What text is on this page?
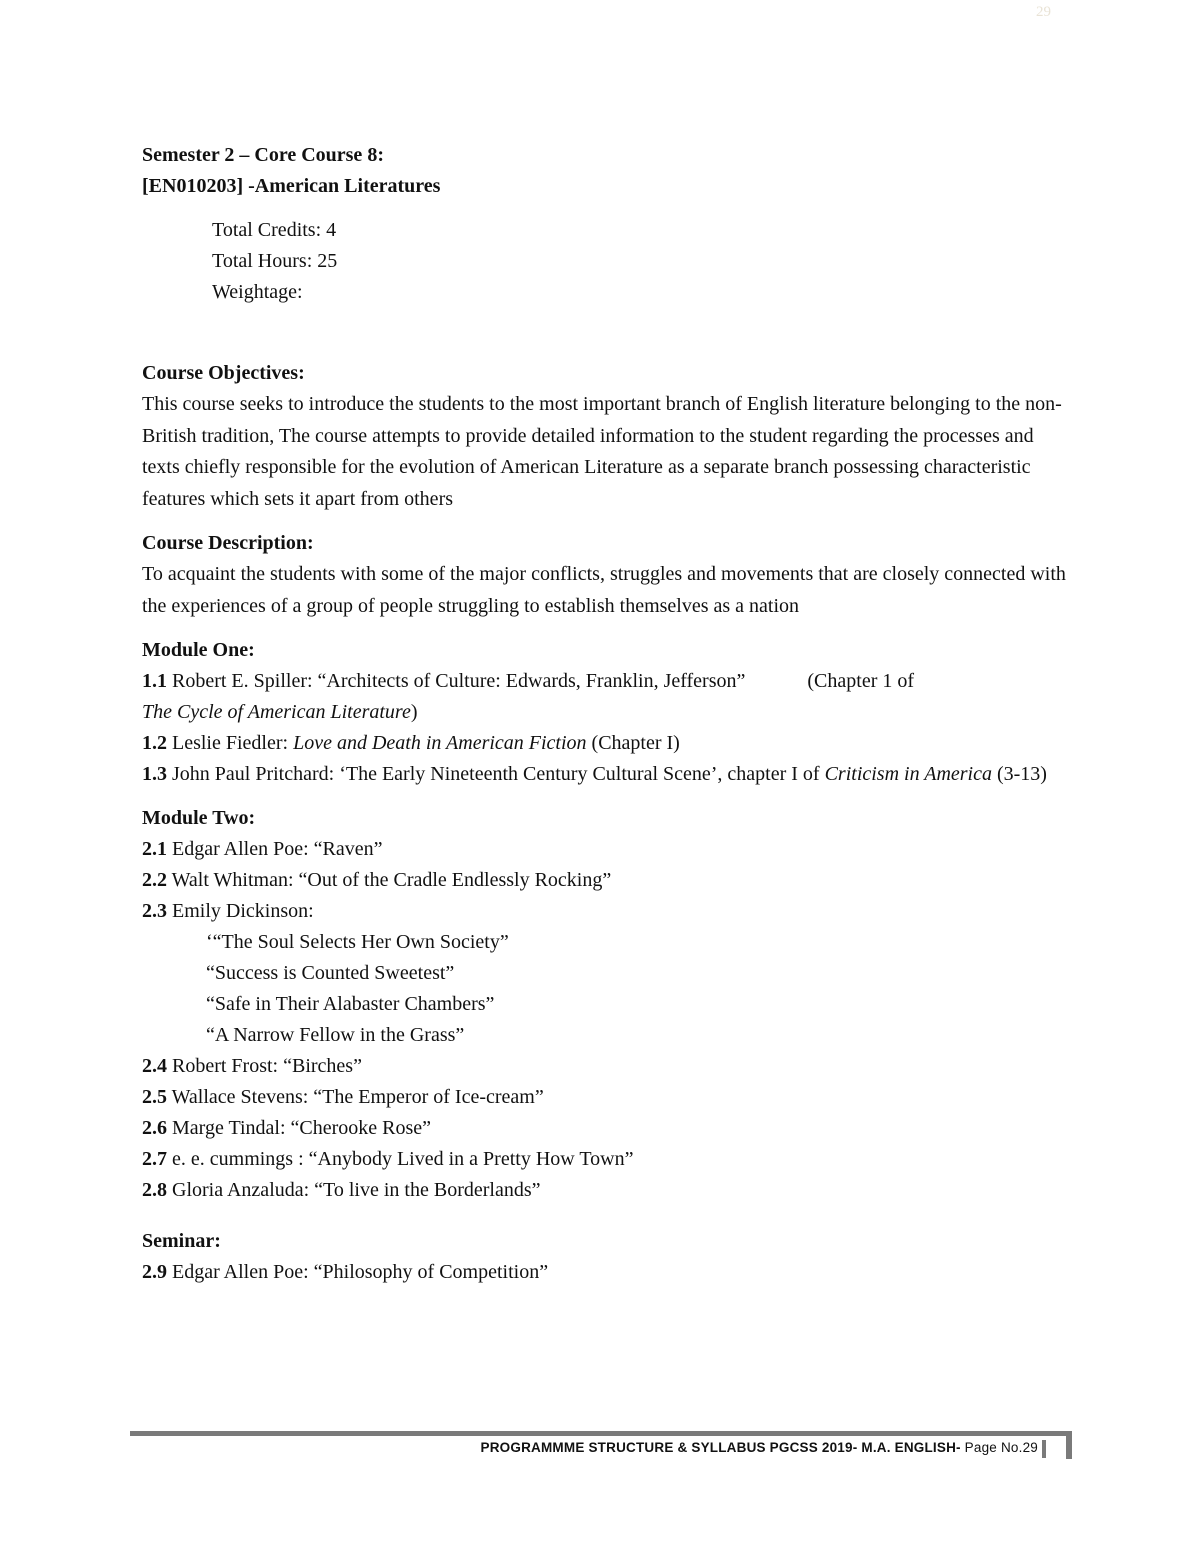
29
Semester 2 – Core Course 8:
[EN010203] -American Literatures
Total Credits: 4
Total Hours: 25
Weightage:
Course Objectives:
This course seeks to introduce the students to the most important branch of English literature belonging to the non- British tradition, The course attempts to provide detailed information to the student regarding the processes and texts chiefly responsible for the evolution of American Literature as a separate branch possessing characteristic features which sets it apart from others
Course Description:
To acquaint the students with some of the major conflicts, struggles and movements that are closely connected with the experiences of a group of people struggling to establish themselves as a nation
Module One:
1.1 Robert E. Spiller: “Architects of Culture: Edwards, Franklin, Jefferson”	(Chapter 1 of
The Cycle of American Literature)
1.2 Leslie Fiedler: Love and Death in American Fiction (Chapter I)
1.3 John Paul Pritchard: ‘The Early Nineteenth Century Cultural Scene’, chapter I of Criticism in America (3-13)
Module Two:
2.1 Edgar Allen Poe: “Raven”
2.2 Walt Whitman: “Out of the Cradle Endlessly Rocking”
2.3 Emily Dickinson:
‘“The Soul Selects Her Own Society”
“Success is Counted Sweetest”
“Safe in Their Alabaster Chambers”
“A Narrow Fellow in the Grass”
2.4 Robert Frost: “Birches”
2.5 Wallace Stevens: “The Emperor of Ice-cream”
2.6 Marge Tindal: “Cherooke Rose”
2.7 e. e. cummings : “Anybody Lived in a Pretty How Town”
2.8 Gloria Anzaluda: “To live in the Borderlands”
Seminar:
2.9 Edgar Allen Poe: “Philosophy of Competition”
PROGRAMMME STRUCTURE & SYLLABUS PGCSS 2019- M.A. ENGLISH- Page No.29
